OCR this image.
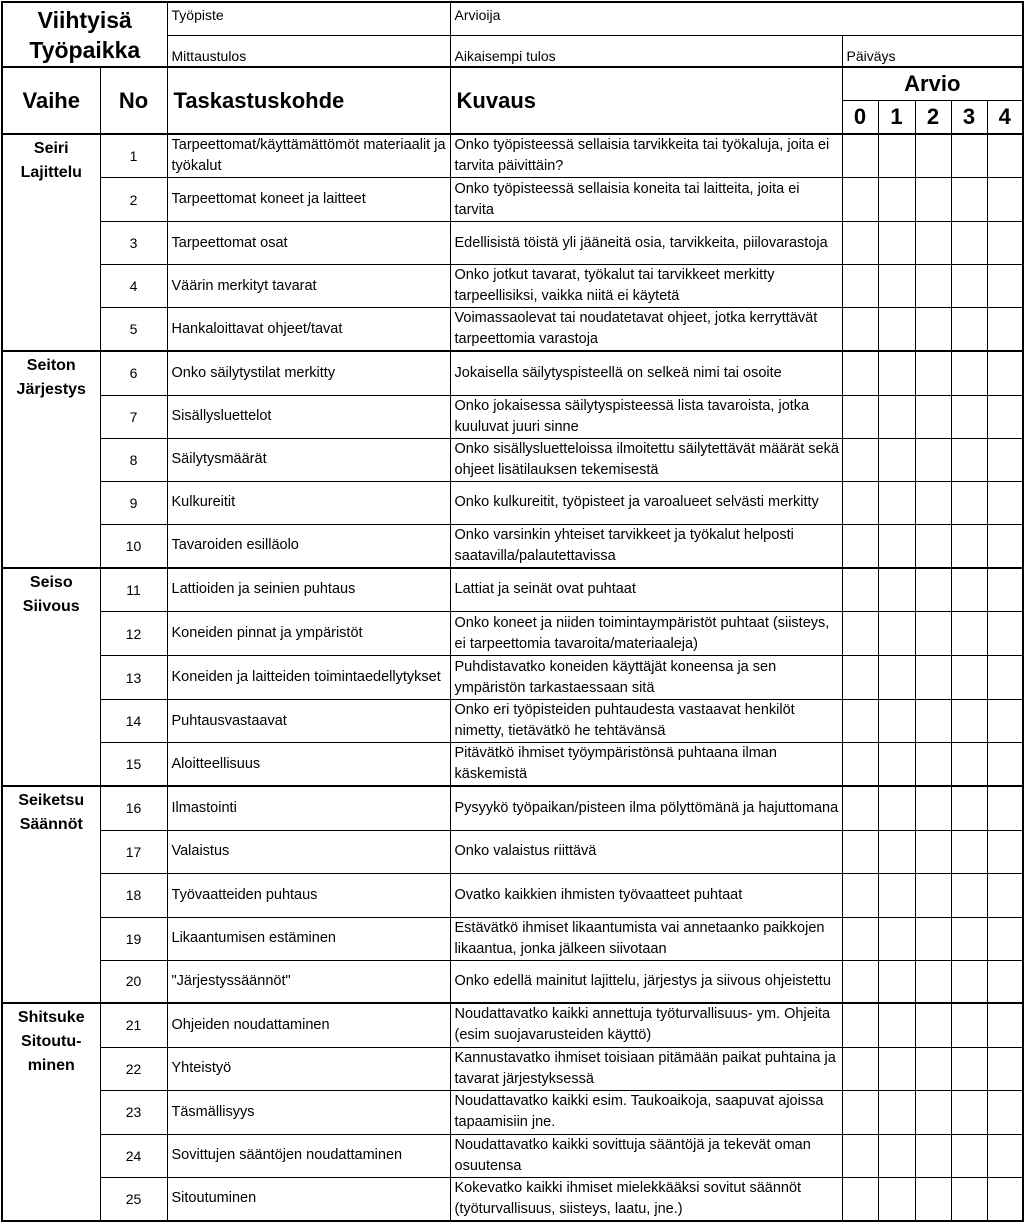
Viihtyisä
Työpaikka		Työpiste	Arvioija					
		Mittaustulos	Aikaisempi tulos	Päiväys				
Vaihe	No	Taskastuskohde	Kuvaus	Arvio				
				0	1	2	3	4

Seiri
Lajittelu	1	Tarpeettomat/käyttämättömöt materiaalit ja työkalut	Onko työpisteessä sellaisia tarvikkeita tai työkaluja, joita ei tarvita päivittäin?					
	2	Tarpeettomat koneet ja laitteet	Onko työpisteessä sellaisia koneita tai laitteita, joita ei tarvita					
	3	Tarpeettomat osat	Edellisistä töistä yli jääneitä osia, tarvikkeita, piilovarastoja					
	4	Väärin merkityt tavarat	Onko jotkut tavarat, työkalut tai tarvikkeet merkitty tarpeellisiksi, vaikka niitä ei käytetä					
	5	Hankaloittavat ohjeet/tavat	Voimassaolevat tai noudatetavat ohjeet, jotka kerryttävät tarpeettomia varastoja					

Seiton
Järjestys	6	Onko säilytystilat merkitty	Jokaisella säilytyspisteellä on selkeä nimi tai osoite					
	7	Sisällysluettelot	Onko jokaisessa säilytyspisteessä lista tavaroista, jotka kuuluvat juuri sinne					
	8	Säilytysmäärät	Onko sisällysluetteloissa ilmoitettu säilytettävät määrät sekä ohjeet lisätilauksen tekemisestä					
	9	Kulkureitit	Onko kulkureitit, työpisteet ja varoalueet selvästi merkitty					
	10	Tavaroiden esilläolo	Onko varsinkin yhteiset tarvikkeet ja työkalut helposti saatavilla/palautettavissa					

Seiso
Siivous	11	Lattioiden ja seinien puhtaus	Lattiat ja seinät ovat puhtaat					
	12	Koneiden pinnat ja ympäristöt	Onko koneet ja niiden toimintaympäristöt puhtaat (siisteys, ei tarpeettomia tavaroita/materiaaleja)					
	13	Koneiden ja laitteiden toimintaedellytykset	Puhdistavatko koneiden käyttäjät koneensa ja sen ympäristön tarkastaessaan sitä					
	14	Puhtausvastaavat	Onko eri työpisteiden puhtaudesta vastaavat henkilöt nimetty, tietävätkö he tehtävänsä					
	15	Aloitteellisuus	Pitävätkö ihmiset työympäristönsä puhtaana ilman käskemistä					

Seiketsu
Säännöt	16	Ilmastointi	Pysyykö työpaikan/pisteen ilma pölyttömänä ja hajuttomana					
	17	Valaistus	Onko valaistus riittävä					
	18	Työvaatteiden puhtaus	Ovatko kaikkien ihmisten työvaatteet puhtaat					
	19	Likaantumisen estäminen	Estävätkö ihmiset likaantumista vai annetaanko paikkojen likaantua, jonka jälkeen siivotaan					
	20	"Järjestyssäännöt"	Onko edellä mainitut lajittelu, järjestys ja siivous ohjeistettu					

Shitsuke
Sitoutu-
minen	21	Ohjeiden noudattaminen	Noudattavatko kaikki annettuja työturvallisuus- ym. Ohjeita (esim suojavarusteiden käyttö)					
	22	Yhteistyö	Kannustavatko ihmiset toisiaan pitämään paikat puhtaina ja tavarat järjestyksessä					
	23	Täsmällisyys	Noudattavatko kaikki esim. Taukoaikoja, saapuvat ajoissa tapaamisiin jne.					
	24	Sovittujen sääntöjen noudattaminen	Noudattavatko kaikki sovittuja sääntöjä ja tekevät oman osuutensa					
	25	Sitoutuminen	Kokevatko kaikki ihmiset mielekkääksi sovitut säännöt (työturvallisuus, siisteys, laatu, jne.)					
